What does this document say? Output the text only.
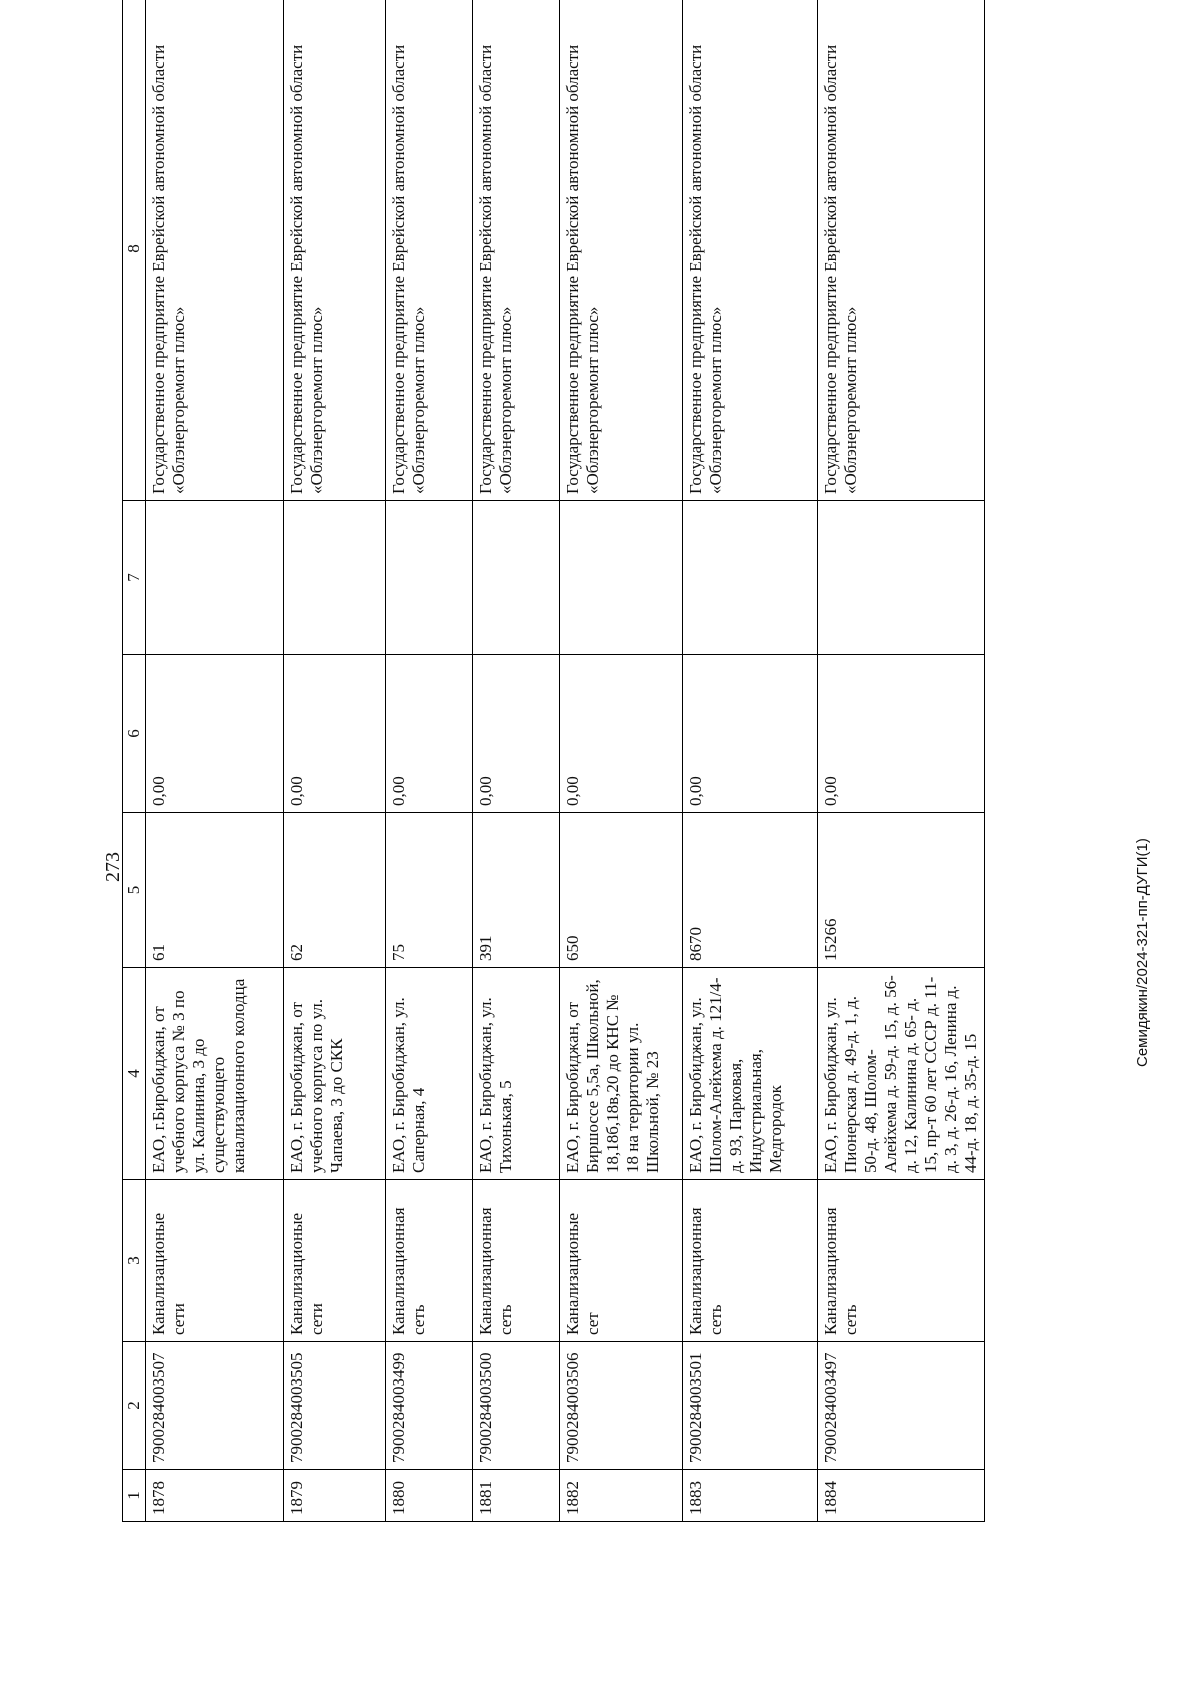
273
1	2	3	4	5	6	7	8
1878	790028400З507	Канализационые сети	ЕАО, г.Биробиджан, от учебного корпуса № 3 по ул. Калинина, 3 до существующего канализационного колодца	61	0,00		Государственное предприятие Еврейской автономной области «Облэнергоремонт плюс»
1879	790028400З505	Канализационые сети	ЕАО, г. Биробиджан, от учебного корпуса по ул. Чапаева, 3 до СКК	62	0,00		Государственное предприятие Еврейской автономной области «Облэнергоремонт плюс»
1880	790028400З499	Канализационная сеть	ЕАО, г. Биробиджан, ул. Саперная, 4	75	0,00		Государственное предприятие Еврейской автономной области «Облэнергоремонт плюс»
1881	790028400З500	Канализационная сеть	ЕАО, г. Биробиджан, ул. Тихонькая, 5	391	0,00		Государственное предприятие Еврейской автономной области «Облэнергоремонт плюс»
1882	790028400З506	Канализационые сет	ЕАО, г. Биробиджан, от Биршоссе 5,5а, Школьной, 18,18б,18в,20 до КНС № 18 на территории ул. Школьной, № 23	650	0,00		Государственное предприятие Еврейской автономной области «Облэнергоремонт плюс»
1883	790028400З501	Канализационная сеть	ЕАО, г. Биробиджан, ул. Шолом-Алейхема д. 121/4-д. 93, Парковая, Индустриальная, Медгородок	8670	0,00		Государственное предприятие Еврейской автономной области «Облэнергоремонт плюс»
1884	790028400З497	Канализационная сеть	ЕАО, г. Биробиджан, ул. Пионерская д. 49-д. 1, д. 50-д. 48, Шолом- Алейхема д. 59-д. 15, д. 56-д. 12, Калинина д. 65- д. 15, пр-т 60 лет СССР д. 11-д. 3, д. 26-д. 16, Ленина д. 44-д. 18, д. 35-д. 15	15266	0,00		Государственное предприятие Еврейской автономной области «Облэнергоремонт плюс»
Семидякин/2024-321-пп-ДУГИ(1)
